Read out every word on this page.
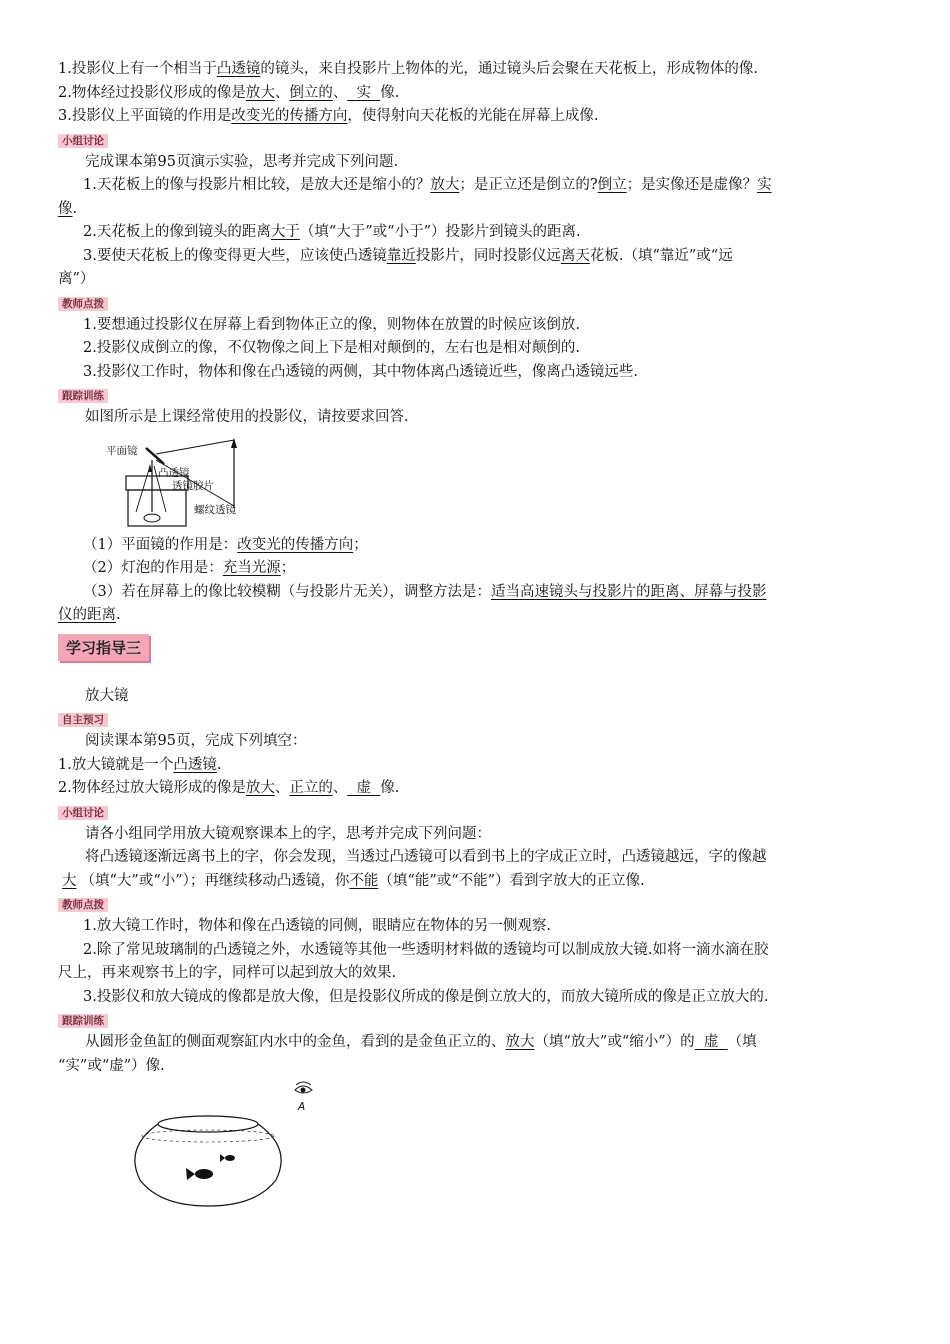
1.投影仪上有一个相当于凸透镜的镜头，来自投影片上物体的光，通过镜头后会聚在天花板上，形成物体的像.
2.物体经过投影仪形成的像是放大、倒立的、  实  像.
3.投影仪上平面镜的作用是改变光的传播方向，使得射向天花板的光能在屏幕上成像.
小组讨论
完成课本第95页演示实验，思考并完成下列问题.
1.天花板上的像与投影片相比较，是放大还是缩小的？放大；是正立还是倒立的?倒立；是实像还是虚像？实
像.
2.天花板上的像到镜头的距离大于（填“大于”或“小于”）投影片到镜头的距离.
3.要使天花板上的像变得更大些，应该使凸透镜靠近投影片，同时投影仪远离天花板.（填“靠近”或“远
离”）
教师点拨
1.要想通过投影仪在屏幕上看到物体正立的像，则物体在放置的时候应该倒放.
2.投影仪成倒立的像，不仅物像之间上下是相对颠倒的，左右也是相对颠倒的.
3.投影仪工作时，物体和像在凸透镜的两侧，其中物体离凸透镜近些，像离凸透镜远些.
跟踪训练
如图所示是上课经常使用的投影仪，请按要求回答.
平面镜
凸透镜
透镜胶片
螺纹透镜
（1）平面镜的作用是：改变光的传播方向；
（2）灯泡的作用是：充当光源；
（3）若在屏幕上的像比较模糊（与投影片无关），调整方法是：适当高速镜头与投影片的距离、屏幕与投影
仪的距离.
学习指导三
放大镜
自主预习
阅读课本第95页，完成下列填空：
1.放大镜就是一个凸透镜.
2.物体经过放大镜形成的像是放大、正立的、  虚  像.
小组讨论
请各小组同学用放大镜观察课本上的字，思考并完成下列问题：
将凸透镜逐渐远离书上的字，你会发现，当透过凸透镜可以看到书上的字成正立时，凸透镜越远，字的像越
大 （填“大”或“小”）；再继续移动凸透镜，你不能（填“能”或“不能”）看到字放大的正立像.
教师点拨
1.放大镜工作时，物体和像在凸透镜的同侧，眼睛应在物体的另一侧观察.
2.除了常见玻璃制的凸透镜之外，水透镜等其他一些透明材料做的透镜均可以制成放大镜.如将一滴水滴在胶
尺上，再来观察书上的字，同样可以起到放大的效果.
3.投影仪和放大镜成的像都是放大像，但是投影仪所成的像是倒立放大的，而放大镜所成的像是正立放大的.
跟踪训练
从圆形金鱼缸的侧面观察缸内水中的金鱼，看到的是金鱼正立的、放大（填“放大”或“缩小”）的  虚  （填
“实”或“虚”）像.
A
